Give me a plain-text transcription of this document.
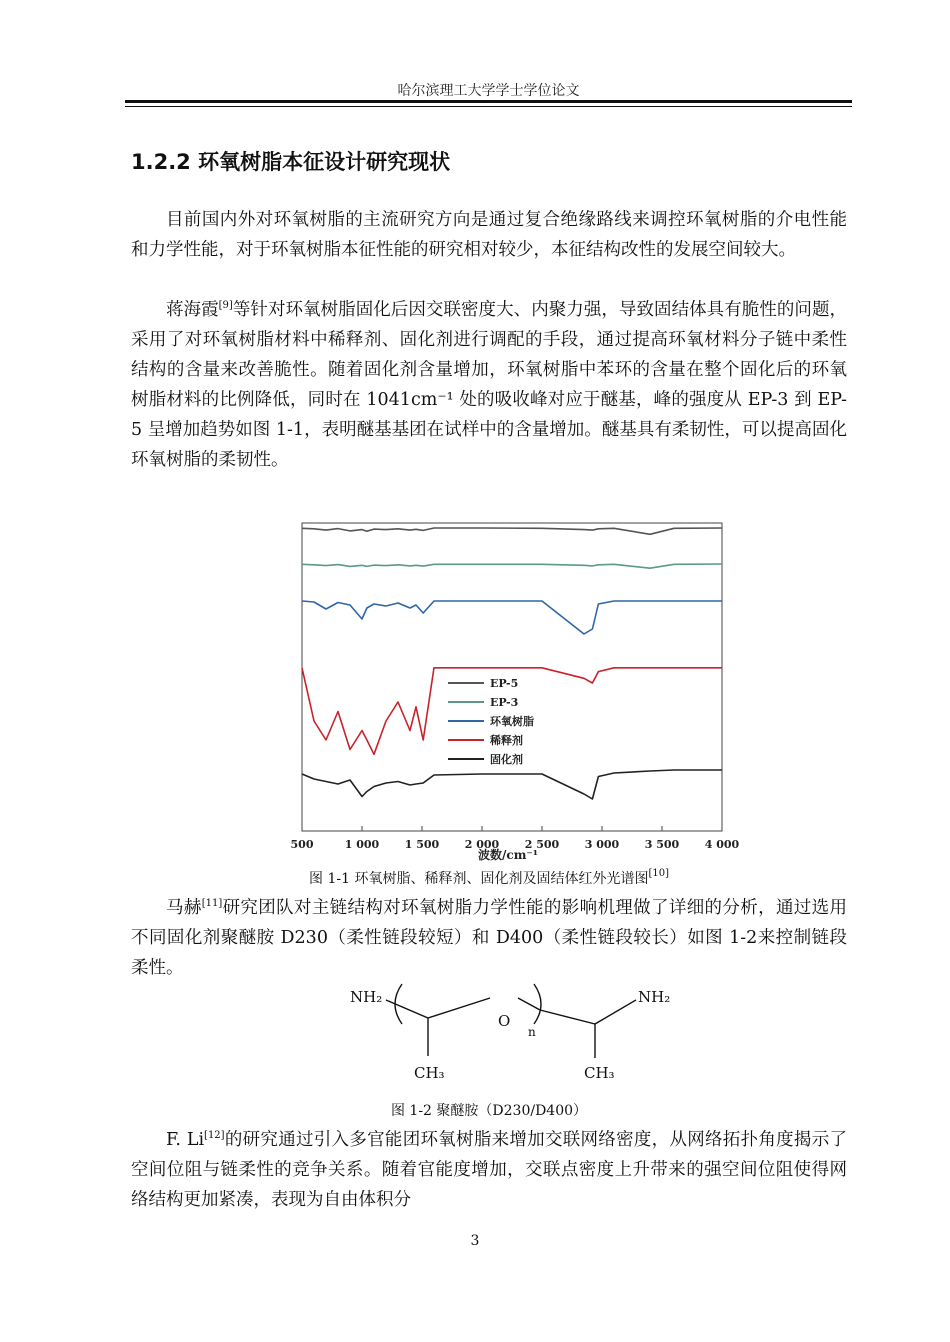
哈尔滨理工大学学士学位论文
1.2.2 环氧树脂本征设计研究现状

目前国内外对环氧树脂的主流研究方向是通过复合绝缘路线来调控环氧树脂的介电性能和力学性能，对于环氧树脂本征性能的研究相对较少，本征结构改性的发展空间较大。

蒋海霞[9]等针对环氧树脂固化后因交联密度大、内聚力强，导致固结体具有脆性的问题，采用了对环氧树脂材料中稀释剂、固化剂进行调配的手段，通过提高环氧材料分子链中柔性结构的含量来改善脆性。随着固化剂含量增加，环氧树脂中苯环的含量在整个固化后的环氧树脂材料的比例降低，同时在 1041cm⁻¹ 处的吸收峰对应于醚基，峰的强度从 EP-3 到 EP-5 呈增加趋势如图 1-1，表明醚基基团在试样中的含量增加。醚基具有柔韧性，可以提高固化环氧树脂的柔韧性。

EP-5
EP-3
环氧树脂
稀释剂
固化剂
500	1 000 1 500 2 000 2 500 3 000 3 500 4 000
波数/cm⁻¹
图 1-1 环氧树脂、稀释剂、固化剂及固结体红外光谱图[10]

马赫[11]研究团队对主链结构对环氧树脂力学性能的影响机理做了详细的分析，通过选用不同固化剂聚醚胺 D230（柔性链段较短）和 D400（柔性链段较长）如图 1-2来控制链段柔性。

NH₂
O
n
NH₂
CH₃	CH₃
图 1-2 聚醚胺（D230/D400）

F. Li[12]的研究通过引入多官能团环氧树脂来增加交联网络密度，从网络拓扑角度揭示了空间位阻与链柔性的竞争关系。随着官能度增加，交联点密度上升带来的强空间位阻使得网络结构更加紧凑，表现为自由体积分

3
